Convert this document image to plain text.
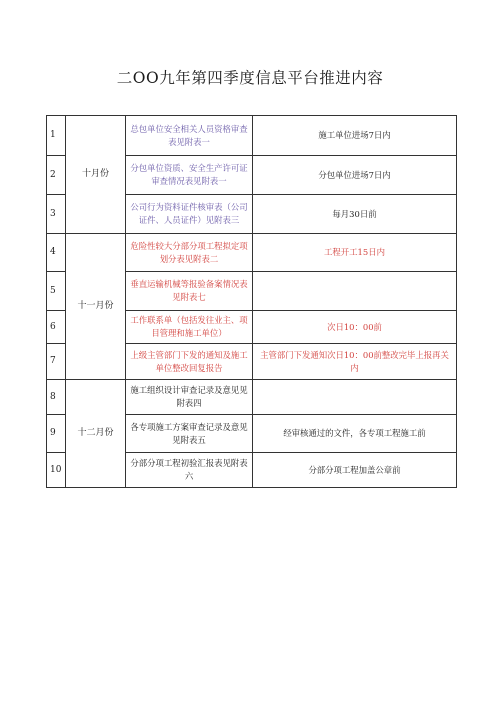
二OO九年第四季度信息平台推进内容
1	十月份	总包单位安全相关人员资格审查表见附表一	施工单位进场7日内
2		分包单位资质、安全生产许可证审查情况表见附表一	分包单位进场7日内
3		公司行为资料证件核审表（公司证件、人员证件）见附表三	每月30日前
4	十一月份	危险性较大分部分项工程拟定项划分表见附表二	工程开工15日内
5		垂直运输机械等报验备案情况表见附表七	
6		工作联系单（包括发往业主、项目管理和施工单位）	次日10：00前
7		上级主管部门下发的通知及施工单位整改回复报告	主管部门下发通知次日10：00前整改完毕上报再关内
8	十二月份	施工组织设计审查记录及意见见附表四	
9		各专项施工方案审查记录及意见见附表五	经审核通过的文件，各专项工程施工前
10		分部分项工程初验汇报表见附表六	分部分项工程加盖公章前
